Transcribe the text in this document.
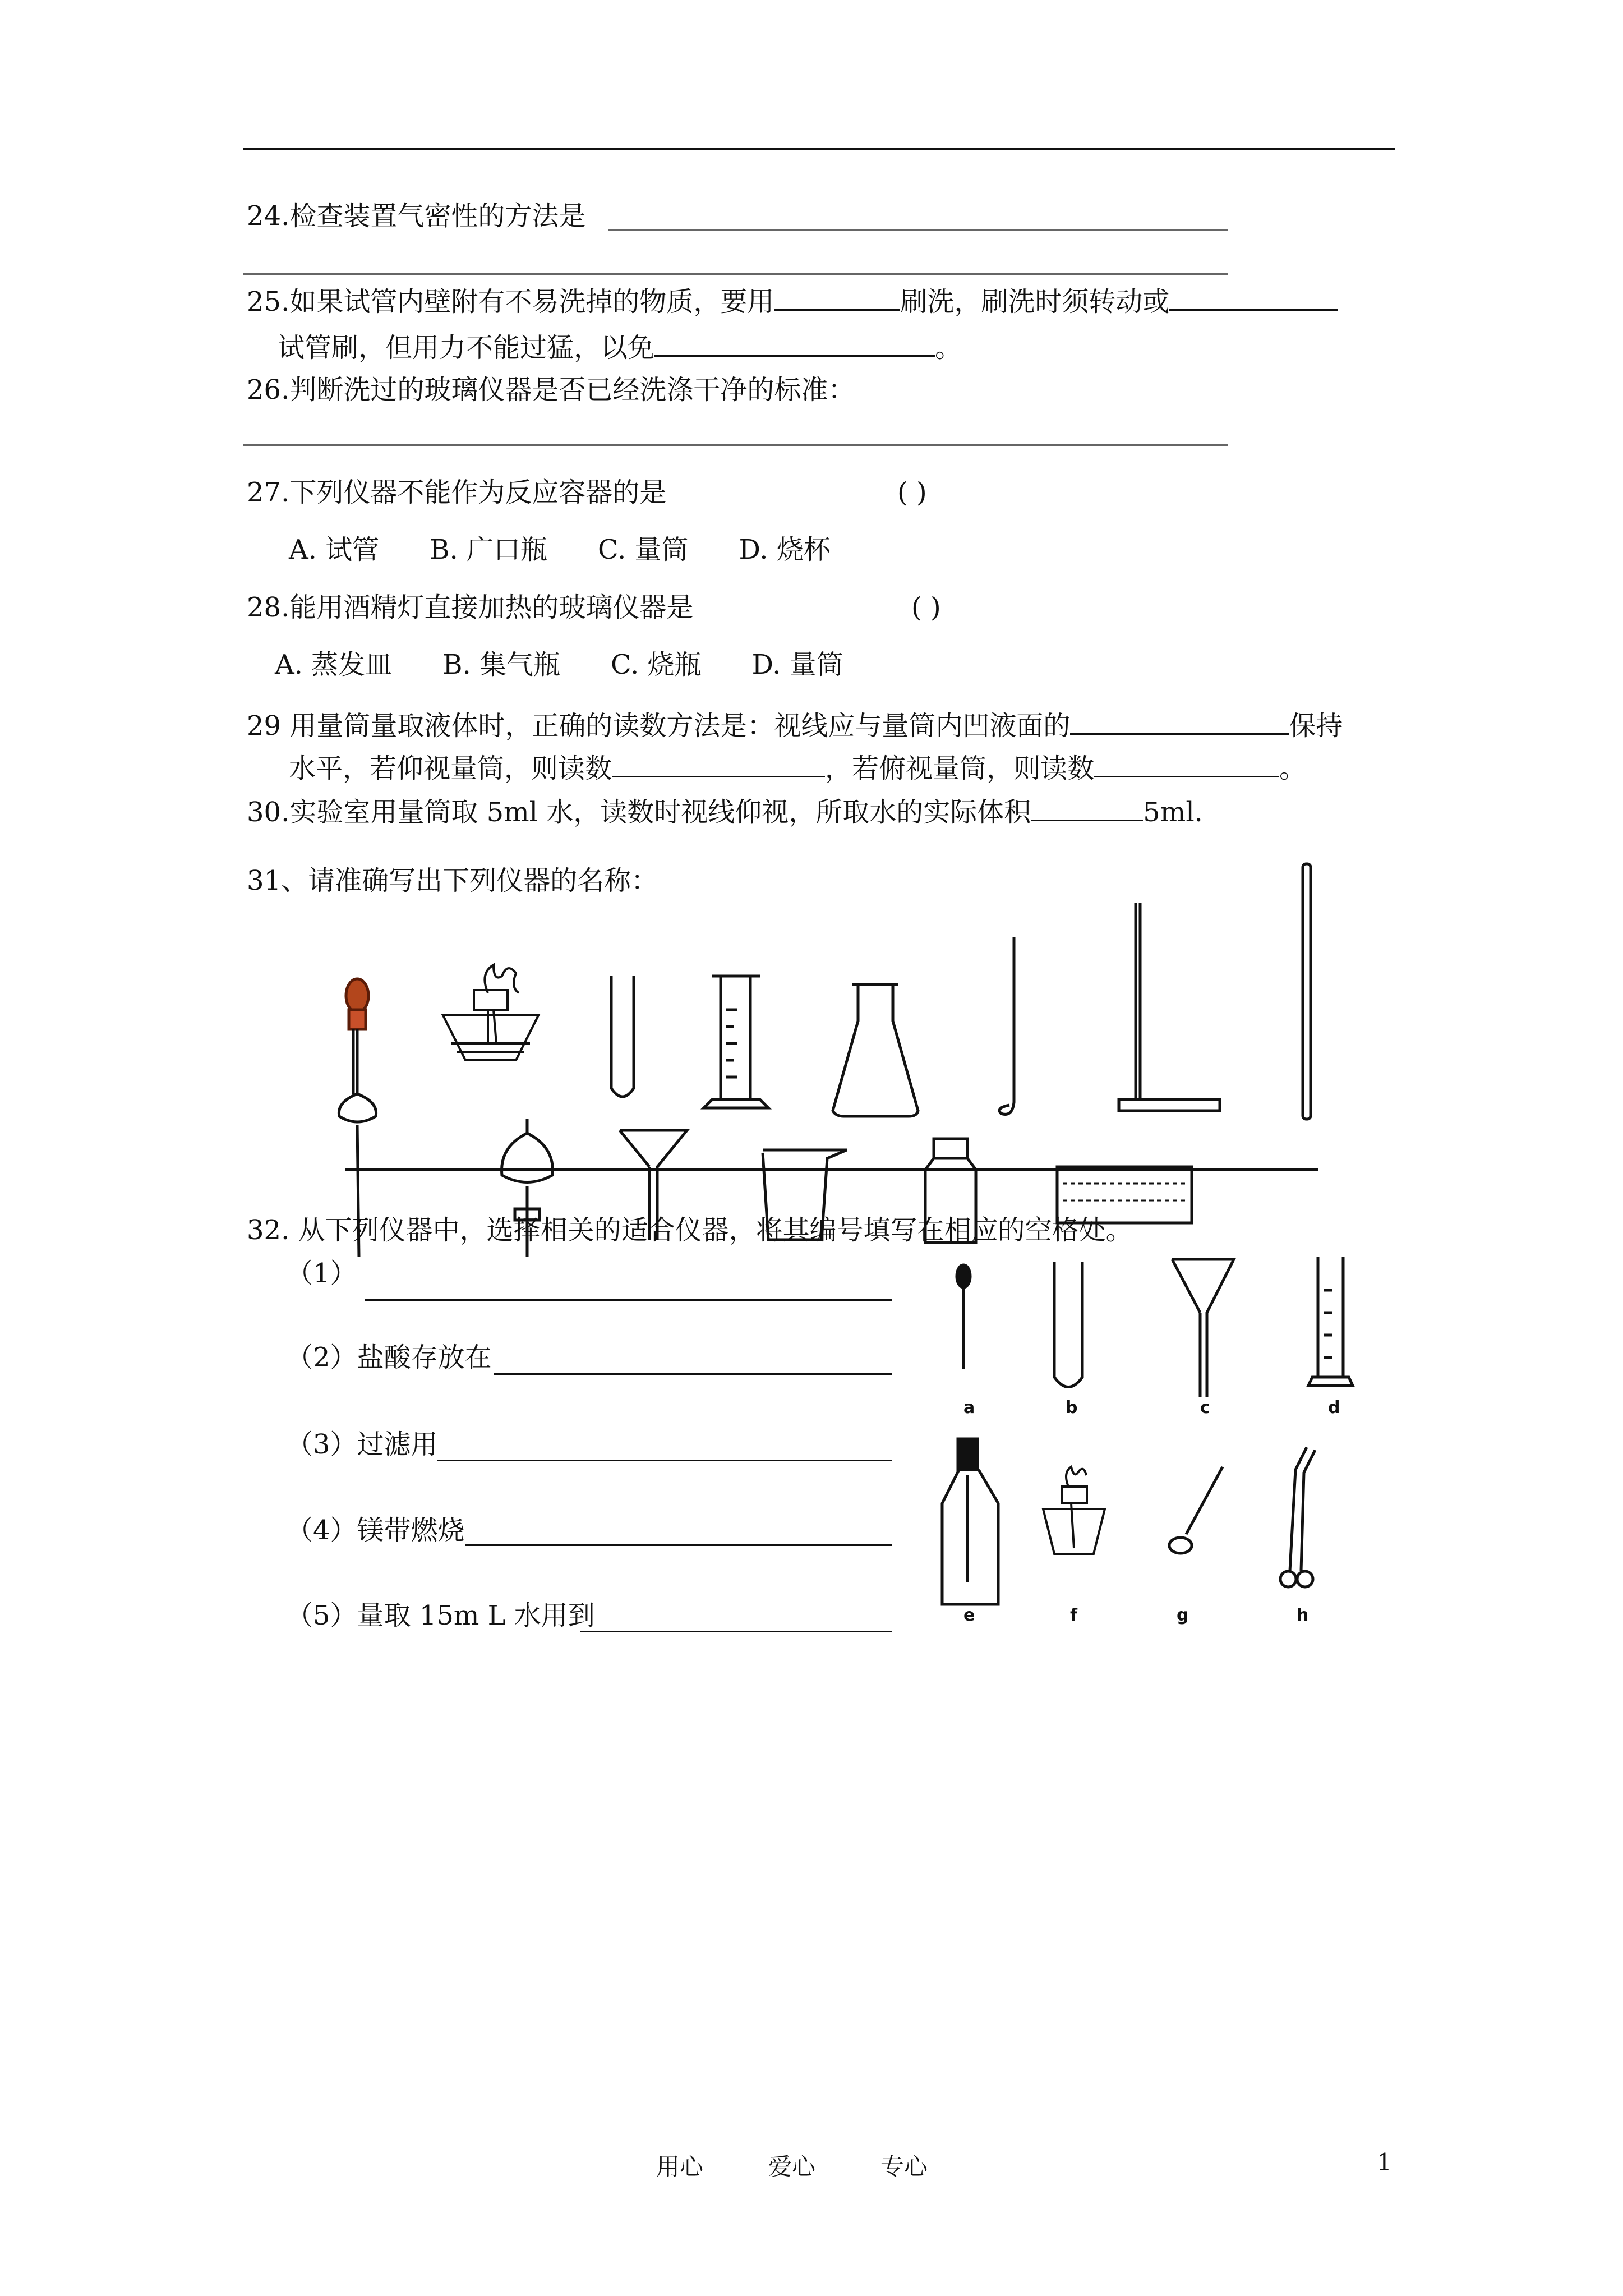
24.检查装置气密性的方法是
25.如果试管内壁附有不易洗掉的物质，要用	刷洗，刷洗时须转动或
试管刷，但用力不能过猛，以免	。
26.判断洗过的玻璃仪器是否已经洗涤干净的标准：
27.下列仪器不能作为反应容器的是	( )
A. 试管 B. 广口瓶 C. 量筒 D. 烧杯
28.能用酒精灯直接加热的玻璃仪器是	( )
A. 蒸发皿 B. 集气瓶 C. 烧瓶 D. 量筒
29 用量筒量取液体时，正确的读数方法是：视线应与量筒内凹液面的	保持
水平，若仰视量筒，则读数	，若俯视量筒，则读数	。
30.实验室用量筒取 5ml 水，读数时视线仰视，所取水的实际体积	5ml.
31、请准确写出下列仪器的名称：
32. 从下列仪器中，选择相关的适合仪器，将其编号填写在相应的空格处。
（1）
（2）盐酸存放在
（3）过滤用
（4）镁带燃烧
（5）量取 15m L 水用到
a	b	c	d
e	f	g	h
用心	爱心	专心	1
